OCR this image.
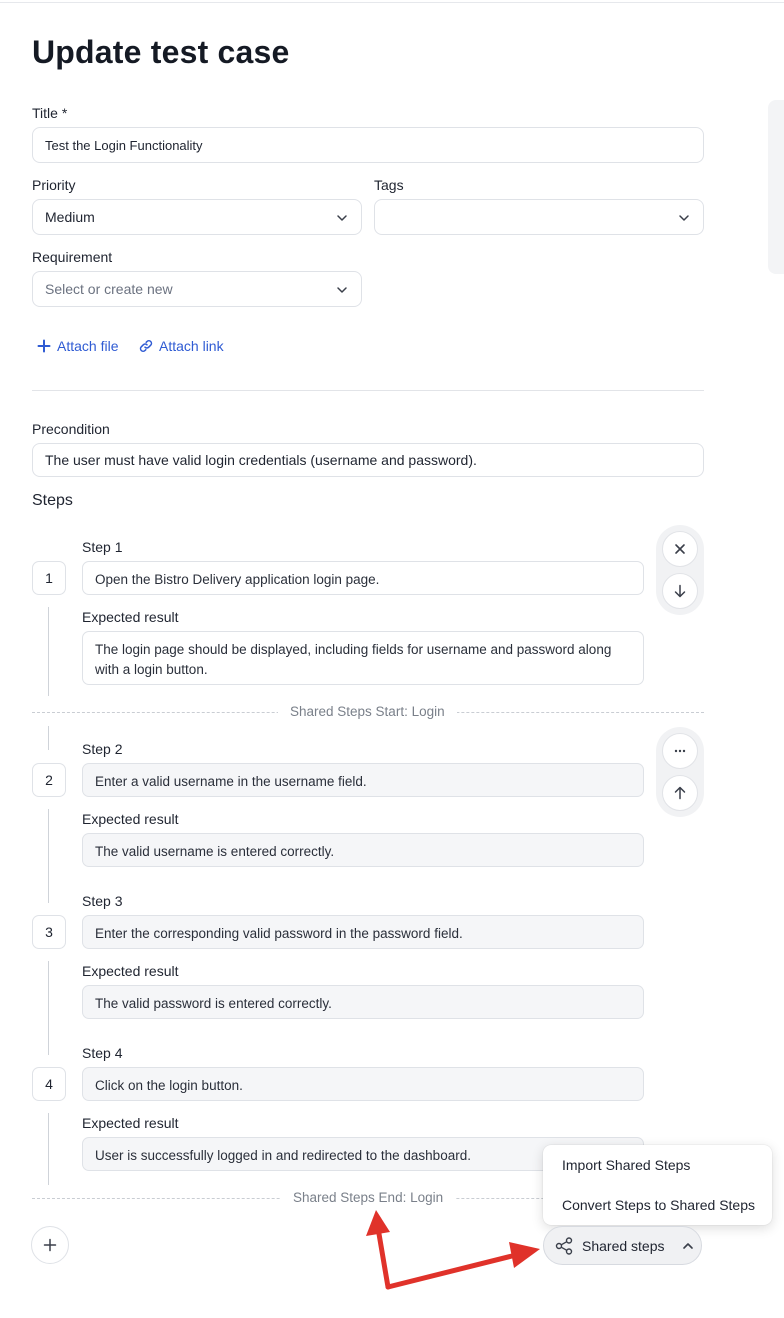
Update test case
Title *
Test the Login Functionality
Priority
Medium
Tags
Requirement
Select or create new
Attach file	Attach link
Precondition
The user must have valid login credentials (username and password).
Steps
Step 1
1	Open the Bistro Delivery application login page.
Expected result
The login page should be displayed, including fields for username and password along with a login button.
Shared Steps Start: Login
Step 2
2	Enter a valid username in the username field.
Expected result
The valid username is entered correctly.
Step 3
3	Enter the corresponding valid password in the password field.
Expected result
The valid password is entered correctly.
Step 4
4	Click on the login button.
Expected result
User is successfully logged in and redirected to the dashboard.
Shared Steps End: Login
Import Shared Steps
Convert Steps to Shared Steps
Shared steps
